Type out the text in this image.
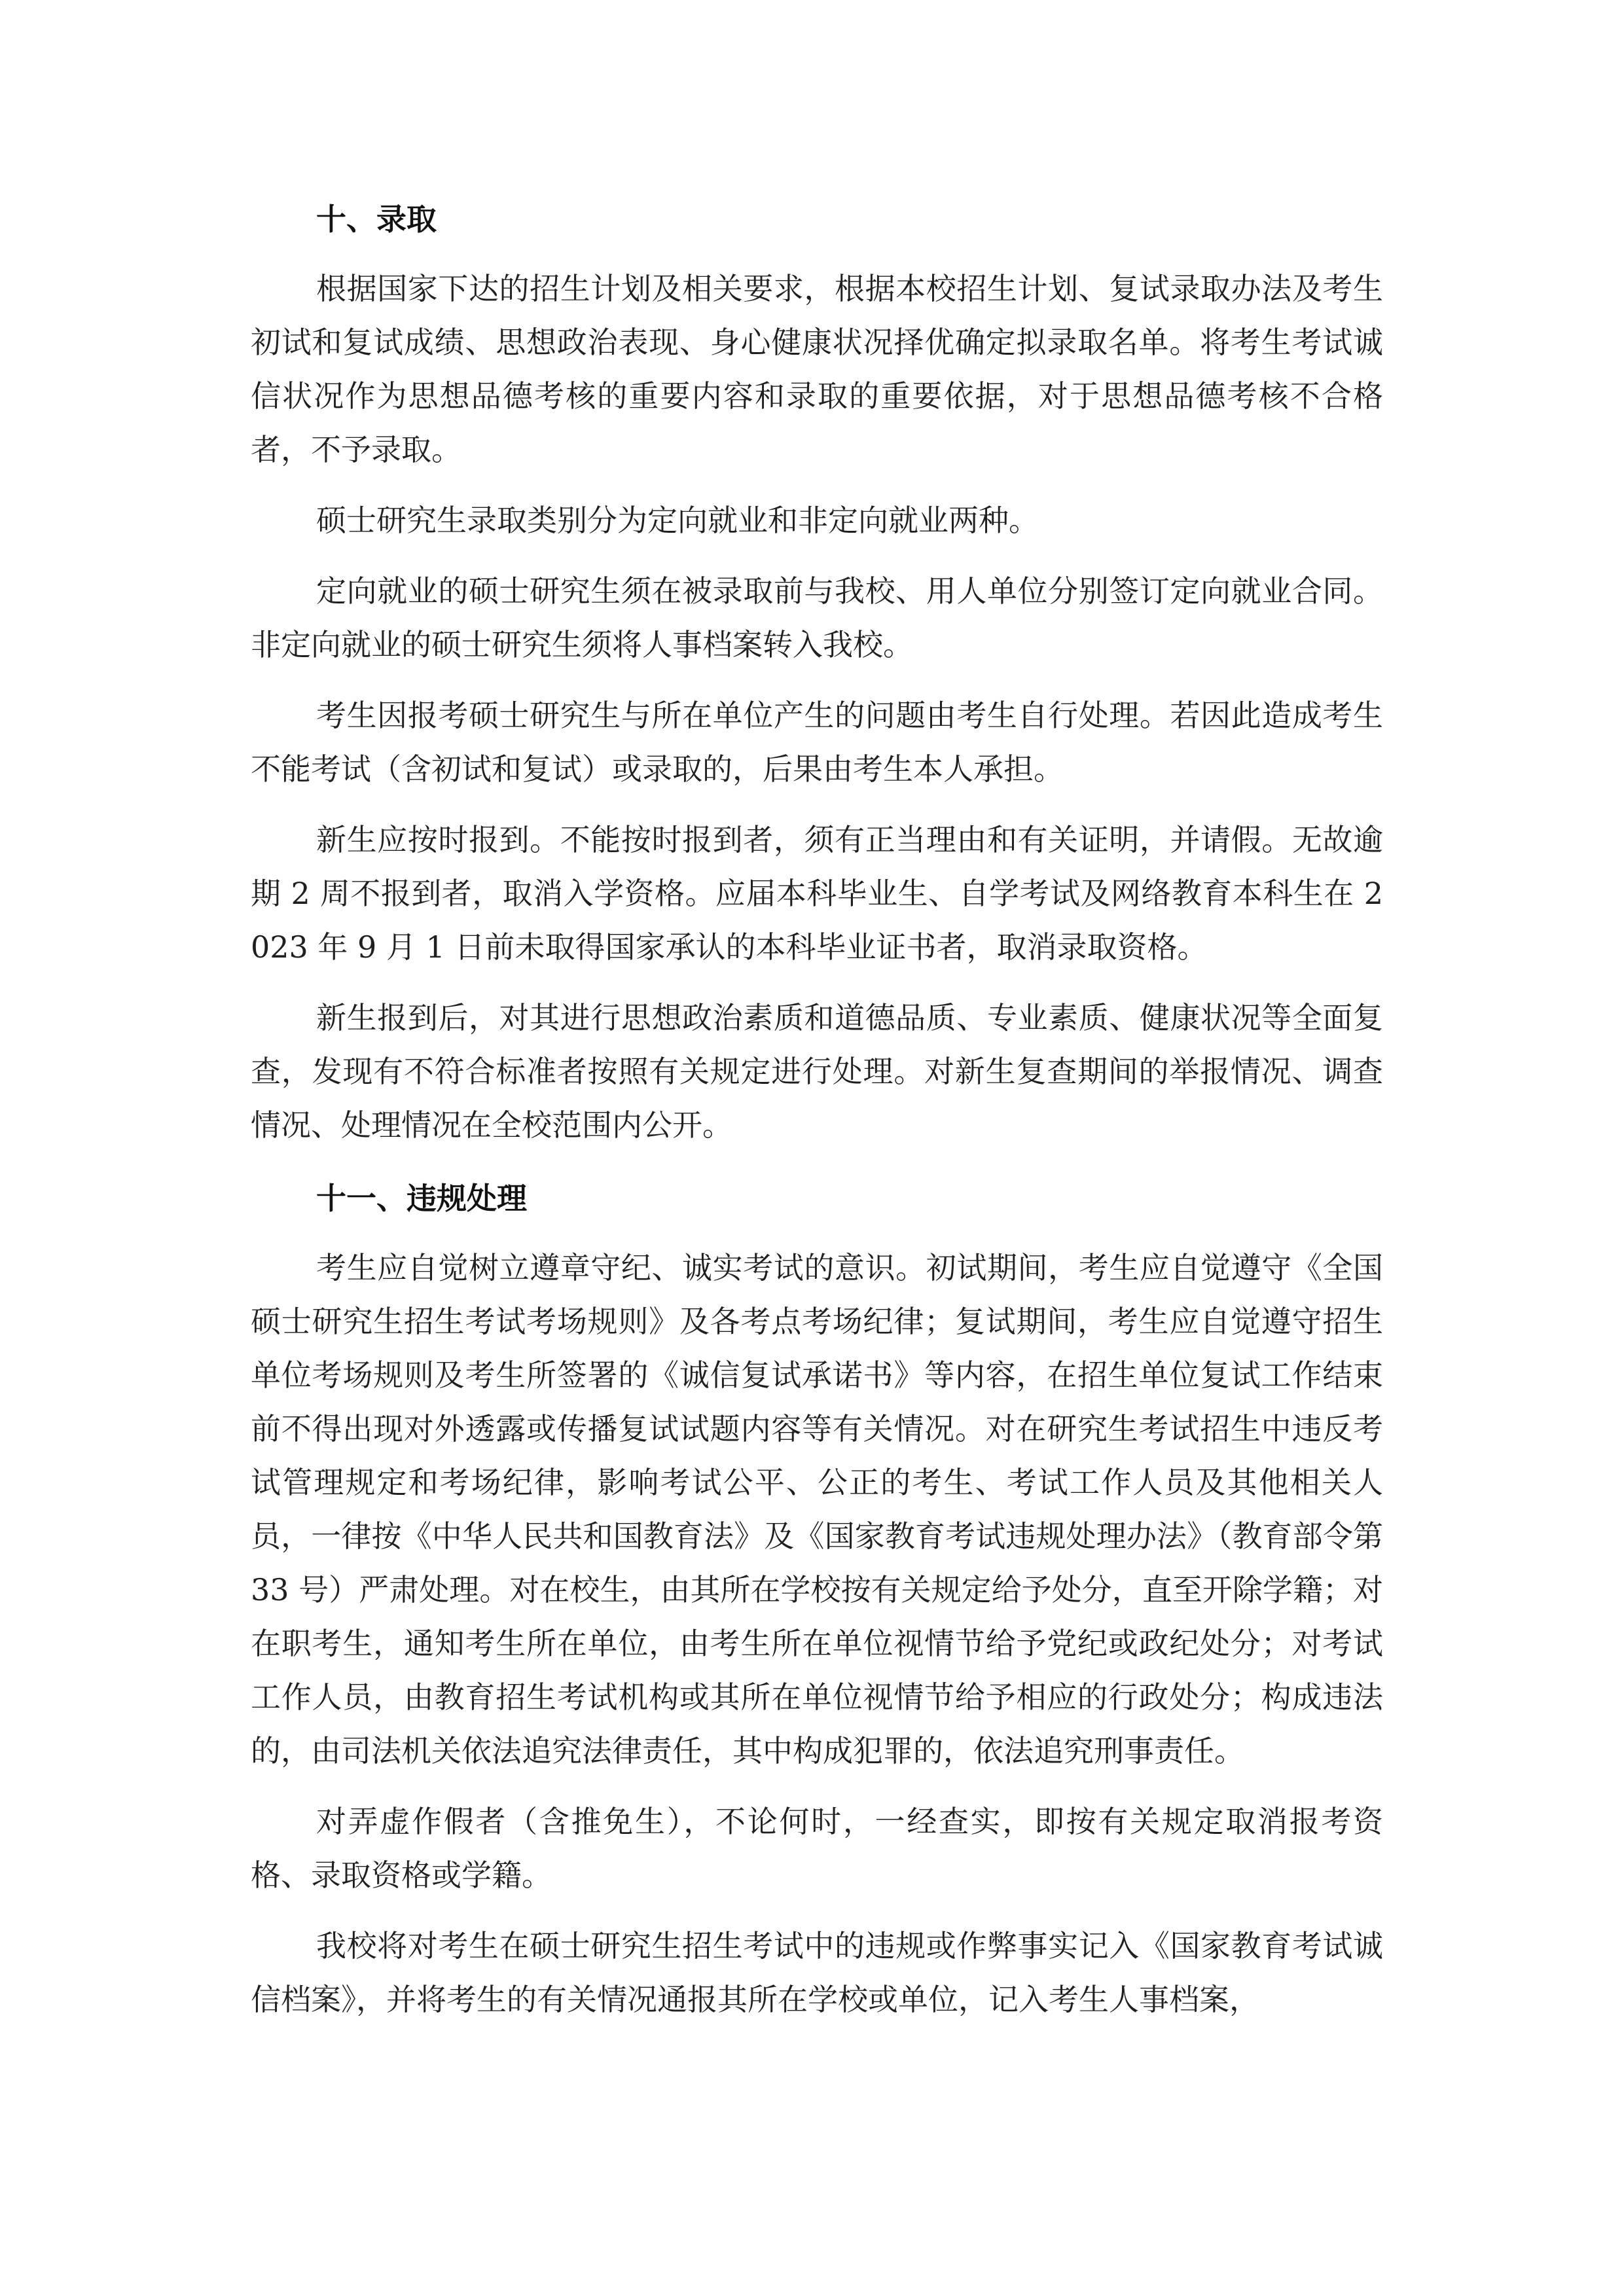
十、录取

根据国家下达的招生计划及相关要求，根据本校招生计划、复试录取办法及考生初试和复试成绩、思想政治表现、身心健康状况择优确定拟录取名单。将考生考试诚信状况作为思想品德考核的重要内容和录取的重要依据，对于思想品德考核不合格者，不予录取。

硕士研究生录取类别分为定向就业和非定向就业两种。

定向就业的硕士研究生须在被录取前与我校、用人单位分别签订定向就业合同。非定向就业的硕士研究生须将人事档案转入我校。

考生因报考硕士研究生与所在单位产生的问题由考生自行处理。若因此造成考生不能考试（含初试和复试）或录取的，后果由考生本人承担。

新生应按时报到。不能按时报到者，须有正当理由和有关证明，并请假。无故逾期 2 周不报到者，取消入学资格。应届本科毕业生、自学考试及网络教育本科生在 2023 年 9 月 1 日前未取得国家承认的本科毕业证书者，取消录取资格。

新生报到后，对其进行思想政治素质和道德品质、专业素质、健康状况等全面复查，发现有不符合标准者按照有关规定进行处理。对新生复查期间的举报情况、调查情况、处理情况在全校范围内公开。

十一、违规处理

考生应自觉树立遵章守纪、诚实考试的意识。初试期间，考生应自觉遵守《全国硕士研究生招生考试考场规则》及各考点考场纪律；复试期间，考生应自觉遵守招生单位考场规则及考生所签署的《诚信复试承诺书》等内容，在招生单位复试工作结束前不得出现对外透露或传播复试试题内容等有关情况。对在研究生考试招生中违反考试管理规定和考场纪律，影响考试公平、公正的考生、考试工作人员及其他相关人员，一律按《中华人民共和国教育法》及《国家教育考试违规处理办法》（教育部令第 33 号）严肃处理。对在校生，由其所在学校按有关规定给予处分，直至开除学籍；对在职考生，通知考生所在单位，由考生所在单位视情节给予党纪或政纪处分；对考试工作人员，由教育招生考试机构或其所在单位视情节给予相应的行政处分；构成违法的，由司法机关依法追究法律责任，其中构成犯罪的，依法追究刑事责任。

对弄虚作假者（含推免生），不论何时，一经查实，即按有关规定取消报考资格、录取资格或学籍。

我校将对考生在硕士研究生招生考试中的违规或作弊事实记入《国家教育考试诚信档案》，并将考生的有关情况通报其所在学校或单位，记入考生人事档案，
